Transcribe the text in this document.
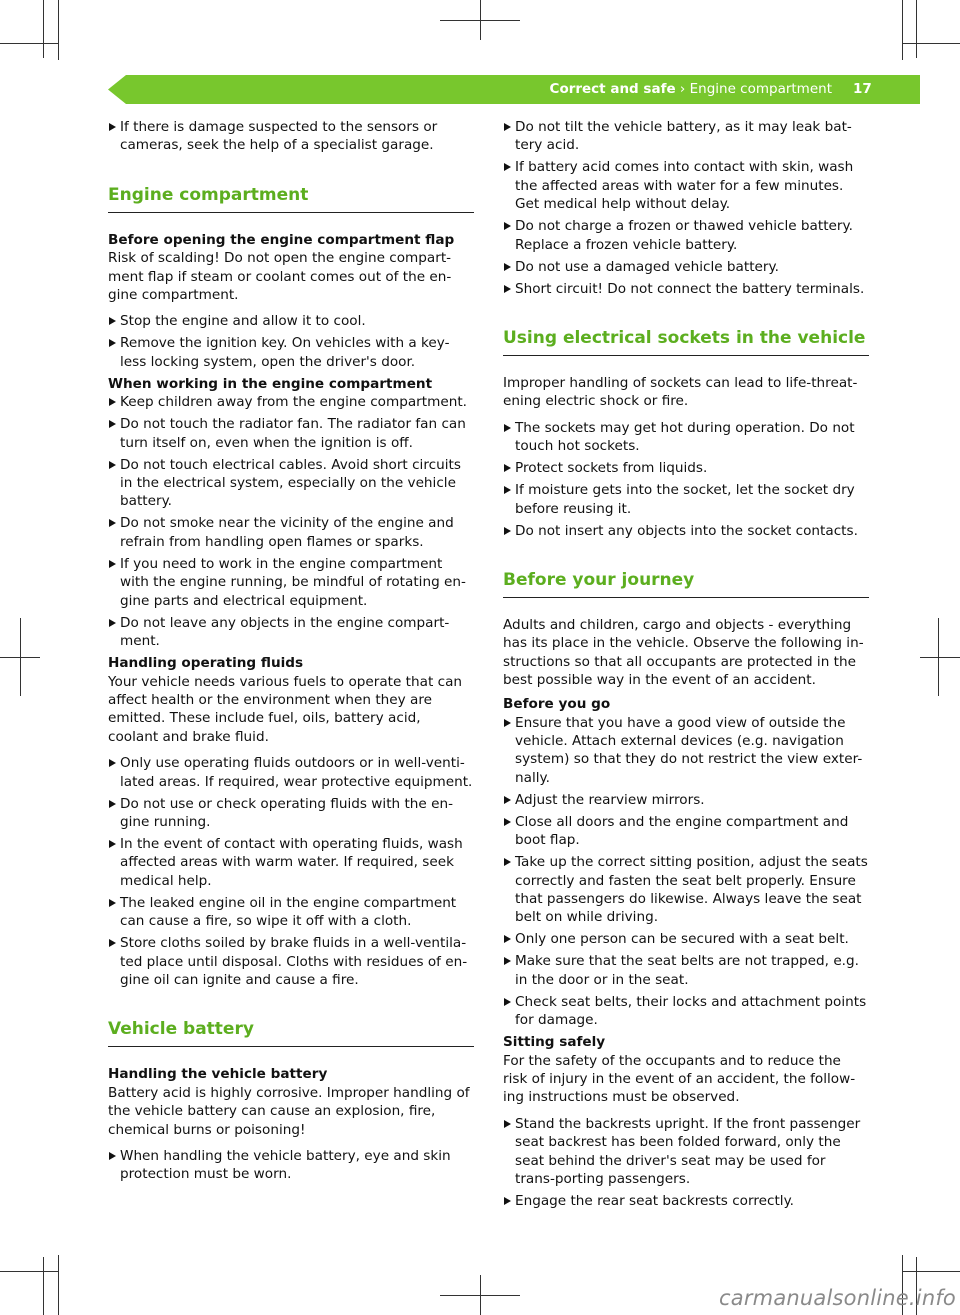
Correct and safe › Engine compartment 17
If there is damage suspected to the sensors or cameras, seek the help of a specialist garage.
Engine compartment
Before opening the engine compartment flap
Risk of scalding! Do not open the engine compart-ment flap if steam or coolant comes out of the en-gine compartment.
Stop the engine and allow it to cool.
Remove the ignition key. On vehicles with a key-less locking system, open the driver's door.
When working in the engine compartment
Keep children away from the engine compartment.
Do not touch the radiator fan. The radiator fan can turn itself on, even when the ignition is off.
Do not touch electrical cables. Avoid short circuits in the electrical system, especially on the vehicle battery.
Do not smoke near the vicinity of the engine and refrain from handling open flames or sparks.
If you need to work in the engine compartment with the engine running, be mindful of rotating en-gine parts and electrical equipment.
Do not leave any objects in the engine compart-ment.
Handling operating fluids
Your vehicle needs various fuels to operate that can affect health or the environment when they are emitted. These include fuel, oils, battery acid, coolant and brake fluid.
Only use operating fluids outdoors or in well-venti-lated areas. If required, wear protective equipment.
Do not use or check operating fluids with the en-gine running.
In the event of contact with operating fluids, wash affected areas with warm water. If required, seek medical help.
The leaked engine oil in the engine compartment can cause a fire, so wipe it off with a cloth.
Store cloths soiled by brake fluids in a well-ventila-ted place until disposal. Cloths with residues of en-gine oil can ignite and cause a fire.
Vehicle battery
Handling the vehicle battery
Battery acid is highly corrosive. Improper handling of the vehicle battery can cause an explosion, fire, chemical burns or poisoning!
When handling the vehicle battery, eye and skin protection must be worn.
Do not tilt the vehicle battery, as it may leak bat-tery acid.
If battery acid comes into contact with skin, wash the affected areas with water for a few minutes. Get medical help without delay.
Do not charge a frozen or thawed vehicle battery. Replace a frozen vehicle battery.
Do not use a damaged vehicle battery.
Short circuit! Do not connect the battery terminals.
Using electrical sockets in the vehicle
Improper handling of sockets can lead to life-threat-ening electric shock or fire.
The sockets may get hot during operation. Do not touch hot sockets.
Protect sockets from liquids.
If moisture gets into the socket, let the socket dry before reusing it.
Do not insert any objects into the socket contacts.
Before your journey
Adults and children, cargo and objects - everything has its place in the vehicle. Observe the following in-structions so that all occupants are protected in the best possible way in the event of an accident.
Before you go
Ensure that you have a good view of outside the vehicle. Attach external devices (e.g. navigation system) so that they do not restrict the view exter-nally.
Adjust the rearview mirrors.
Close all doors and the engine compartment and boot flap.
Take up the correct sitting position, adjust the seats correctly and fasten the seat belt properly. Ensure that passengers do likewise. Always leave the seat belt on while driving.
Only one person can be secured with a seat belt.
Make sure that the seat belts are not trapped, e.g. in the door or in the seat.
Check seat belts, their locks and attachment points for damage.
Sitting safely
For the safety of the occupants and to reduce the risk of injury in the event of an accident, the follow-ing instructions must be observed.
Stand the backrests upright. If the front passenger seat backrest has been folded forward, only the seat behind the driver's seat may be used for trans-porting passengers.
Engage the rear seat backrests correctly.
carmanualsonline.info
